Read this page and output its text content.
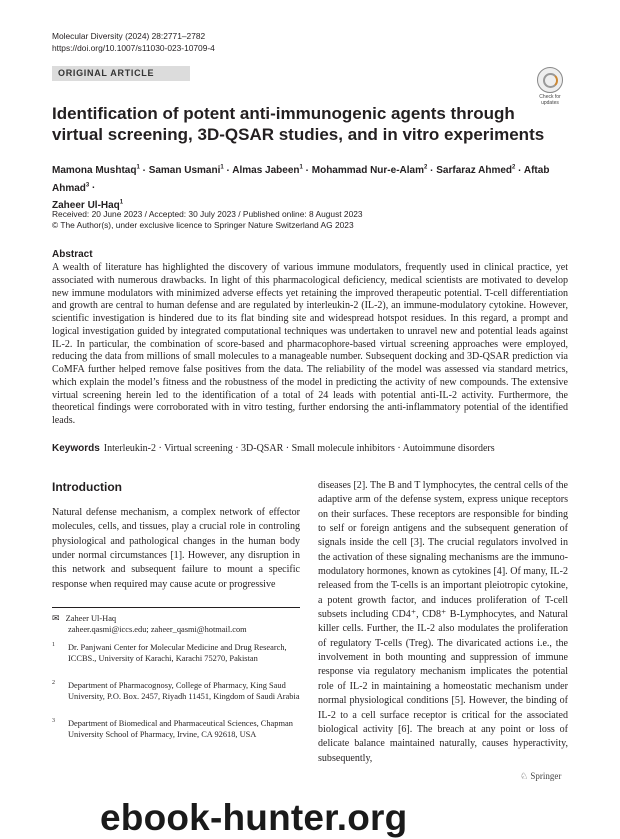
Molecular Diversity (2024) 28:2771–2782
https://doi.org/10.1007/s11030-023-10709-4
ORIGINAL ARTICLE
Check for updates
Identification of potent anti-immunogenic agents through virtual screening, 3D-QSAR studies, and in vitro experiments
Mamona Mushtaq$^1$ · Saman Usmani$^1$ · Almas Jabeen$^1$ · Mohammad Nur-e-Alam$^2$ · Sarfaraz Ahmed$^2$ · Aftab Ahmad$^3$ ·
Zaheer Ul-Haq$^1$
Received: 20 June 2023 / Accepted: 30 July 2023 / Published online: 8 August 2023
© The Author(s), under exclusive licence to Springer Nature Switzerland AG 2023
Abstract
A wealth of literature has highlighted the discovery of various immune modulators, frequently used in clinical practice, yet associated with numerous drawbacks. In light of this pharmacological deficiency, medical scientists are motivated to develop new immune modulators with minimized adverse effects yet retaining the improved therapeutic potential. T-cell differentiation and growth are central to human defense and are regulated by interleukin-2 (IL-2), an immune-modulatory cytokine. However, scientific investigation is hindered due to its flat binding site and widespread hotspot residues. In this regard, a prompt and logical investigation guided by integrated computational techniques was undertaken to unravel new and potential leads against IL-2. In particular, the combination of score-based and pharmacophore-based virtual screening approaches were employed, reducing the data from millions of small molecules to a manageable number. Subsequent docking and 3D-QSAR prediction via CoMFA further helped remove false positives from the data. The reliability of the model was assessed via standard metrics, which explain the model’s fitness and the robustness of the model in predicting the activity of new compounds. The extensive virtual screening herein led to the identification of a total of 24 leads with potential anti-IL-2 activity. Furthermore, the theoretical findings were corroborated with in vitro testing, further endorsing the anti-inflammatory potential of the identified leads.
Keywords Interleukin-2 · Virtual screening · 3D-QSAR · Small molecule inhibitors · Autoimmune disorders
Introduction
Natural defense mechanism, a complex network of effector molecules, cells, and tissues, play a crucial role in controling physiological and pathological changes in the human body under normal circumstances [1]. However, any disruption in this network and subsequent failure to mount a specific response when required may cause acute or progressive
diseases [2]. The B and T lymphocytes, the central cells of the adaptive arm of the defense system, express unique receptors on their surfaces. These receptors are responsible for binding to self or foreign antigens and the subsequent generation of signals inside the cell [3]. The crucial regulators involved in the activation of these signaling mechanisms are the immuno-modulatory hormones, known as cytokines [4]. Of many, IL-2 released from the T-cells is an important pleiotropic cytokine, a potent growth factor, and induces proliferation of T-cell subsets including CD4⁺, CD8⁺ B-Lymphocytes, and Natural killer cells. Further, the IL-2 also modulates the proliferation of regulatory T-cells (Treg). The divaricated actions i.e., the involvement in both mounting and suppression of immune response via regulatory mechanism implicates the potential role of IL-2 in maintaining a homeostatic mechanism under normal physiological conditions [5]. However, the binding of IL-2 to a cell surface receptor is critical for the associated biological activity [6]. The breach at any point or loss of delicate balance maintained naturally, causes hyperactivity, subsequently,
✉ Zaheer Ul-Haq
zaheer.qasmi@iccs.edu; zaheer_qasmi@hotmail.com
1 Dr. Panjwani Center for Molecular Medicine and Drug Research, ICCBS., University of Karachi, Karachi 75270, Pakistan
2 Department of Pharmacognosy, College of Pharmacy, King Saud University, P.O. Box. 2457, Riyadh 11451, Kingdom of Saudi Arabia
3 Department of Biomedical and Pharmaceutical Sciences, Chapman University School of Pharmacy, Irvine, CA 92618, USA
♘ Springer
ebook-hunter.org
